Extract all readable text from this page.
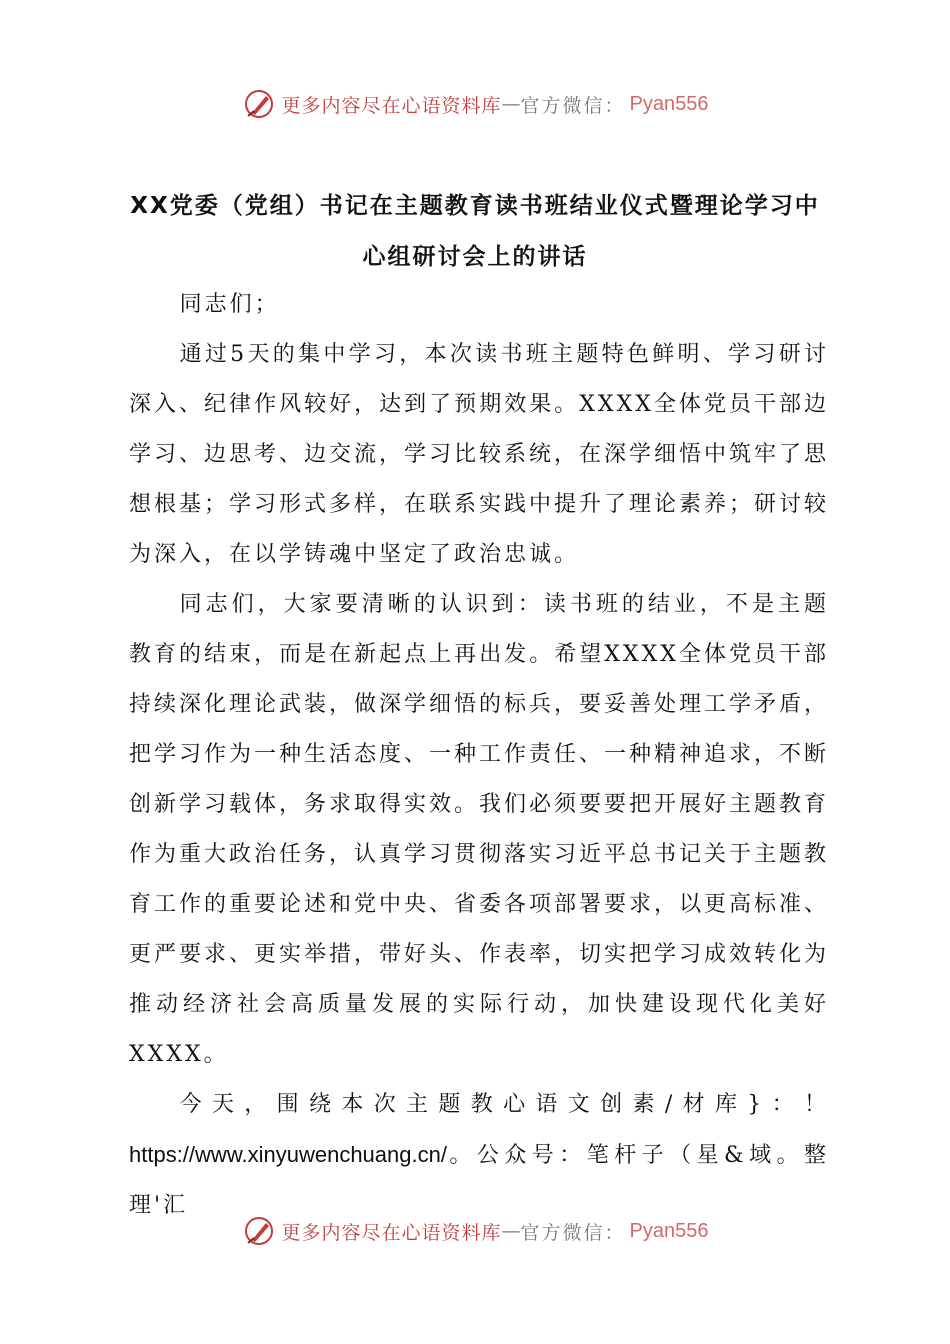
更多内容尽在心语资料库 — 官方微信： Pyan556
XX党委（党组）书记在主题教育读书班结业仪式暨理论学习中
心组研讨会上的讲话

同志们；

通过5天的集中学习，本次读书班主题特色鲜明、学习研讨深入、纪律作风较好，达到了预期效果。XXXX全体党员干部边学习、边思考、边交流，学习比较系统，在深学细悟中筑牢了思想根基；学习形式多样，在联系实践中提升了理论素养；研讨较为深入，在以学铸魂中坚定了政治忠诚。

同志们，大家要清晰的认识到：读书班的结业，不是主题教育的结束，而是在新起点上再出发。希望XXXX全体党员干部持续深化理论武装，做深学细悟的标兵，要妥善处理工学矛盾，把学习作为一种生活态度、一种工作责任、一种精神追求，不断创新学习载体，务求取得实效。我们必须要要把开展好主题教育作为重大政治任务，认真学习贯彻落实习近平总书记关于主题教育工作的重要论述和党中央、省委各项部署要求，以更高标准、更严要求、更实举措，带好头、作表率，切实把学习成效转化为推动经济社会高质量发展的实际行动，加快建设现代化美好XXXX。

今天，围绕本次主题教心语文创素/材库}：！https://www.xinyuwenchuang.cn/。公众号：笔杆子（星&域。整理'汇

更多内容尽在心语资料库 — 官方微信： Pyan556
